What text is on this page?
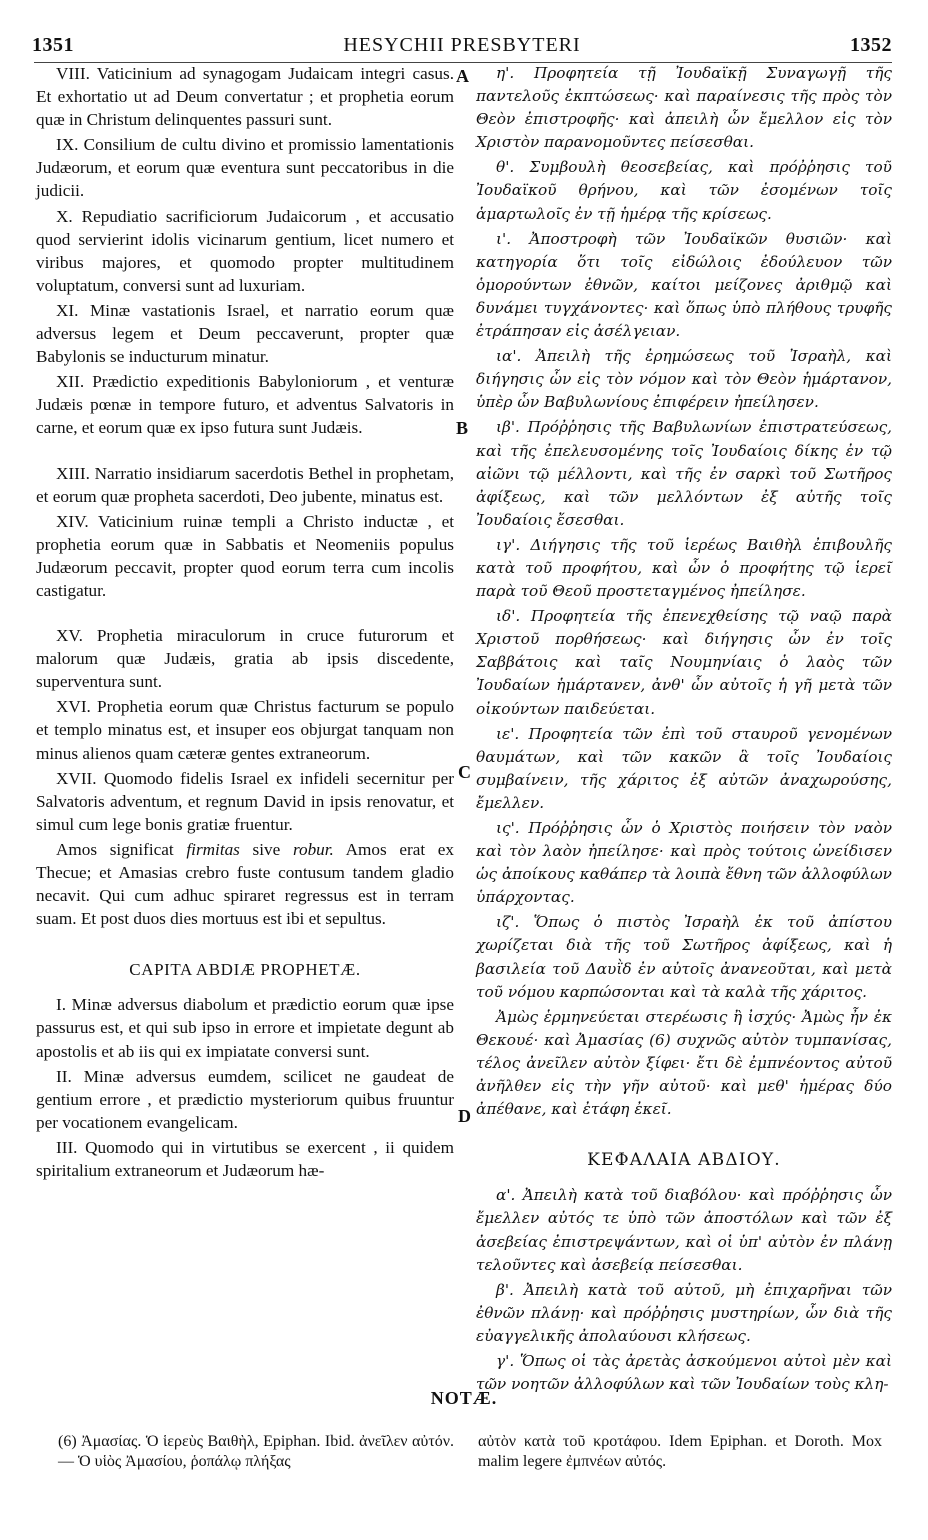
1351	HESYCHII PRESBYTERI	1352
A
B
C
D

VIII. Vaticinium ad synagogam Judaicam integri casus. Et exhortatio ut ad Deum convertatur ; et prophetia eorum quæ in Christum delinquentes passuri sunt.

IX. Consilium de cultu divino et promissio lamentationis Judæorum, et eorum quæ eventura sunt peccatoribus in die judicii.

X. Repudiatio sacrificiorum Judaicorum , et accusatio quod servierint idolis vicinarum gentium, licet numero et viribus majores, et quomodo propter multitudinem voluptatum, conversi sunt ad luxuriam.

XI. Minæ vastationis Israel, et narratio eorum quæ adversus legem et Deum peccaverunt, propter quæ Babylonis se inducturum minatur.

XII. Prædictio expeditionis Babyloniorum , et venturæ Judæis pœnæ in tempore futuro, et adventus Salvatoris in carne, et eorum quæ ex ipso futura sunt Judæis.

XIII. Narratio insidiarum sacerdotis Bethel in prophetam, et eorum quæ propheta sacerdoti, Deo jubente, minatus est.

XIV. Vaticinium ruinæ templi a Christo inductæ , et prophetia eorum quæ in Sabbatis et Neomeniis populus Judæorum peccavit, propter quod eorum terra cum incolis castigatur.

XV. Prophetia miraculorum in cruce futurorum et malorum quæ Judæis, gratia ab ipsis discedente, superventura sunt.

XVI. Prophetia eorum quæ Christus facturum se populo et templo minatus est, et insuper eos objurgat tanquam non minus alienos quam cæteræ gentes extraneorum.

XVII. Quomodo fidelis Israel ex infideli secernitur per Salvatoris adventum, et regnum David in ipsis renovatur, et simul cum lege bonis gratiæ fruentur.

Amos significat firmitas sive robur. Amos erat ex Thecue; et Amasias crebro fuste contusum tandem gladio necavit. Qui cum adhuc spiraret regressus est in terram suam. Et post duos dies mortuus est ibi et sepultus.

CAPITA ABDIÆ PROPHETÆ.

I. Minæ adversus diabolum et prædictio eorum quæ ipse passurus est, et qui sub ipso in errore et impietate degunt ab apostolis et ab iis qui ex impiatate conversi sunt.

II. Minæ adversus eumdem, scilicet ne gaudeat de gentium errore , et prædictio mysteriorum quibus fruuntur per vocationem evangelicam.

III. Quomodo qui in virtutibus se exercent , ii quidem spiritalium extraneorum et Judæorum hæ-

η'. Προφητεία τῇ Ἰουδαϊκῇ Συναγωγῇ τῆς παντελοῦς ἐκπτώσεως· καὶ παραίνεσις τῆς πρὸς τὸν Θεὸν ἐπιστροφῆς· καὶ ἀπειλὴ ὧν ἔμελλον εἰς τὸν Χριστὸν παρανομοῦντες πείσεσθαι.

θ'. Συμβουλὴ θεοσεβείας, καὶ πρόῤῥησις τοῦ Ἰουδαϊκοῦ θρήνου, καὶ τῶν ἐσομένων τοῖς ἁμαρτωλοῖς ἐν τῇ ἡμέρᾳ τῆς κρίσεως.

ι'. Ἀποστροφὴ τῶν Ἰουδαϊκῶν θυσιῶν· καὶ κατηγορία ὅτι τοῖς εἰδώλοις ἐδούλευον τῶν ὁμορούντων ἐθνῶν, καίτοι μείζονες ἀριθμῷ καὶ δυνάμει τυγχάνοντες· καὶ ὅπως ὑπὸ πλήθους τρυφῆς ἐτράπησαν εἰς ἀσέλγειαν.

ια'. Ἀπειλὴ τῆς ἐρημώσεως τοῦ Ἰσραὴλ, καὶ διήγησις ὧν εἰς τὸν νόμον καὶ τὸν Θεὸν ἡμάρτανον, ὑπὲρ ὧν Βαβυλωνίους ἐπιφέρειν ἠπείλησεν.

ιβ'. Πρόῤῥησις τῆς Βαβυλωνίων ἐπιστρατεύσεως, καὶ τῆς ἐπελευσομένης τοῖς Ἰουδαίοις δίκης ἐν τῷ αἰῶνι τῷ μέλλοντι, καὶ τῆς ἐν σαρκὶ τοῦ Σωτῆρος ἀφίξεως, καὶ τῶν μελλόντων ἐξ αὐτῆς τοῖς Ἰουδαίοις ἔσεσθαι.

ιγ'. Διήγησις τῆς τοῦ ἱερέως Βαιθὴλ ἐπιβουλῆς κατὰ τοῦ προφήτου, καὶ ὧν ὁ προφήτης τῷ ἱερεῖ παρὰ τοῦ Θεοῦ προστεταγμένος ἠπείλησε.

ιδ'. Προφητεία τῆς ἐπενεχθείσης τῷ ναῷ παρὰ Χριστοῦ πορθήσεως· καὶ διήγησις ὧν ἐν τοῖς Σαββάτοις καὶ ταῖς Νουμηνίαις ὁ λαὸς τῶν Ἰουδαίων ἡμάρτανεν, ἀνθ' ὧν αὐτοῖς ἡ γῆ μετὰ τῶν οἰκούντων παιδεύεται.

ιε'. Προφητεία τῶν ἐπὶ τοῦ σταυροῦ γενομένων θαυμάτων, καὶ τῶν κακῶν ἃ τοῖς Ἰουδαίοις συμβαίνειν, τῆς χάριτος ἐξ αὐτῶν ἀναχωρούσης, ἔμελλεν.

ις'. Πρόῤῥησις ὧν ὁ Χριστὸς ποιήσειν τὸν ναὸν καὶ τὸν λαὸν ἠπείλησε· καὶ πρὸς τούτοις ὠνείδισεν ὡς ἀποίκους καθάπερ τὰ λοιπὰ ἔθνη τῶν ἀλλοφύλων ὑπάρχοντας.

ιζ'. Ὅπως ὁ πιστὸς Ἰσραὴλ ἐκ τοῦ ἀπίστου χωρίζεται διὰ τῆς τοῦ Σωτῆρος ἀφίξεως, καὶ ἡ βασιλεία τοῦ Δαυῒδ ἐν αὐτοῖς ἀνανεοῦται, καὶ μετὰ τοῦ νόμου καρπώσονται καὶ τὰ καλὰ τῆς χάριτος.

Ἀμὼς ἑρμηνεύεται στερέωσις ἢ ἰσχύς· Ἀμὼς ἦν ἐκ Θεκουέ· καὶ Ἀμασίας (6) συχνῶς αὐτὸν τυμπανίσας, τέλος ἀνεῖλεν αὐτὸν ξίφει· ἔτι δὲ ἐμπνέοντος αὐτοῦ ἀνῆλθεν εἰς τὴν γῆν αὐτοῦ· καὶ μεθ' ἡμέρας δύο ἀπέθανε, καὶ ἐτάφη ἐκεῖ.

ΚΕΦΑΛΑΙΑ ΑΒΔΙΟΥ.

α'. Ἀπειλὴ κατὰ τοῦ διαβόλου· καὶ πρόῤῥησις ὧν ἔμελλεν αὐτός τε ὑπὸ τῶν ἀποστόλων καὶ τῶν ἐξ ἀσεβείας ἐπιστρεψάντων, καὶ οἱ ὑπ' αὐτὸν ἐν πλάνῃ τελοῦντες καὶ ἀσεβείᾳ πείσεσθαι.

β'. Ἀπειλὴ κατὰ τοῦ αὐτοῦ, μὴ ἐπιχαρῆναι τῶν ἐθνῶν πλάνῃ· καὶ πρόῤῥησις μυστηρίων, ὧν διὰ τῆς εὐαγγελικῆς ἀπολαύουσι κλήσεως.

γ'. Ὅπως οἱ τὰς ἀρετὰς ἀσκούμενοι αὐτοὶ μὲν καὶ τῶν νοητῶν ἀλλοφύλων καὶ τῶν Ἰουδαίων τοὺς κλη-

NOTÆ.
(6) Ἀμασίας. Ὁ ἱερεὺς Βαιθὴλ, Epiphan. Ibid. ἀνεῖλεν αὐτόν. — Ὁ υἱὸς Ἀμασίου, ῥοπάλῳ πλήξας
αὐτὸν κατὰ τοῦ κροτάφου. Idem Epiphan. et Doroth. Mox malim legere ἐμπνέων αὐτός.
